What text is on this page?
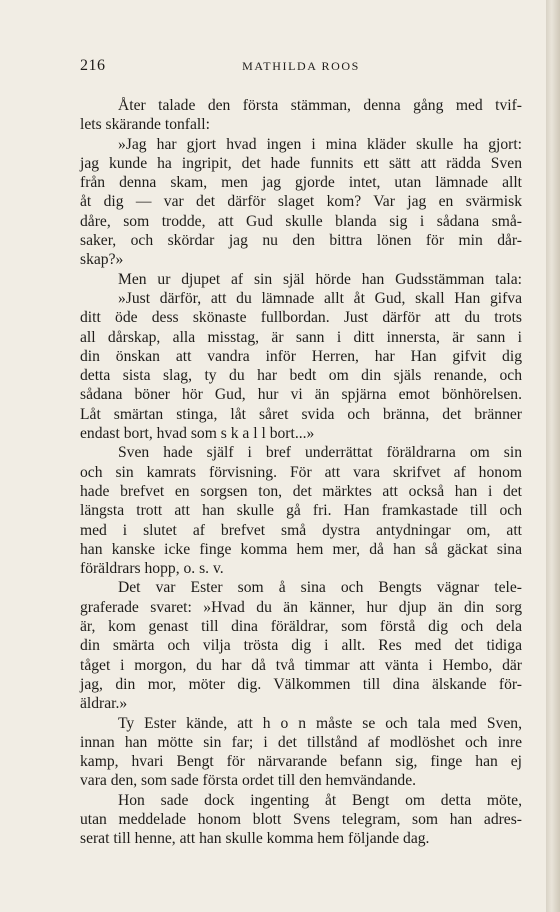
216	MATHILDA ROOS
Åter talade den första stämman, denna gång med tvif-
lets skärande tonfall:
»Jag har gjort hvad ingen i mina kläder skulle ha gjort:
jag kunde ha ingripit, det hade funnits ett sätt att rädda Sven
från denna skam, men jag gjorde intet, utan lämnade allt
åt dig — var det därför slaget kom? Var jag en svärmisk
dåre, som trodde, att Gud skulle blanda sig i sådana små-
saker, och skördar jag nu den bittra lönen för min dår-
skap?»
Men ur djupet af sin själ hörde han Gudsstämman tala:
»Just därför, att du lämnade allt åt Gud, skall Han gifva
ditt öde dess skönaste fullbordan. Just därför att du trots
all dårskap, alla misstag, är sann i ditt innersta, är sann i
din önskan att vandra inför Herren, har Han gifvit dig
detta sista slag, ty du har bedt om din själs renande, och
sådana böner hör Gud, hur vi än spjärna emot bönhörelsen.
Låt smärtan stinga, låt såret svida och bränna, det bränner
endast bort, hvad som s k a l l bort...»
Sven hade själf i bref underrättat föräldrarna om sin
och sin kamrats förvisning. För att vara skrifvet af honom
hade brefvet en sorgsen ton, det märktes att också han i det
längsta trott att han skulle gå fri. Han framkastade till och
med i slutet af brefvet små dystra antydningar om, att
han kanske icke finge komma hem mer, då han så gäckat sina
föräldrars hopp, o. s. v.
Det var Ester som å sina och Bengts vägnar tele-
graferade svaret: »Hvad du än känner, hur djup än din sorg
är, kom genast till dina föräldrar, som förstå dig och dela
din smärta och vilja trösta dig i allt. Res med det tidiga
tåget i morgon, du har då två timmar att vänta i Hembo, där
jag, din mor, möter dig. Välkommen till dina älskande för-
äldrar.»
Ty Ester kände, att h o n måste se och tala med Sven,
innan han mötte sin far; i det tillstånd af modlöshet och inre
kamp, hvari Bengt för närvarande befann sig, finge han ej
vara den, som sade första ordet till den hemvändande.
Hon sade dock ingenting åt Bengt om detta möte,
utan meddelade honom blott Svens telegram, som han adres-
serat till henne, att han skulle komma hem följande dag.
